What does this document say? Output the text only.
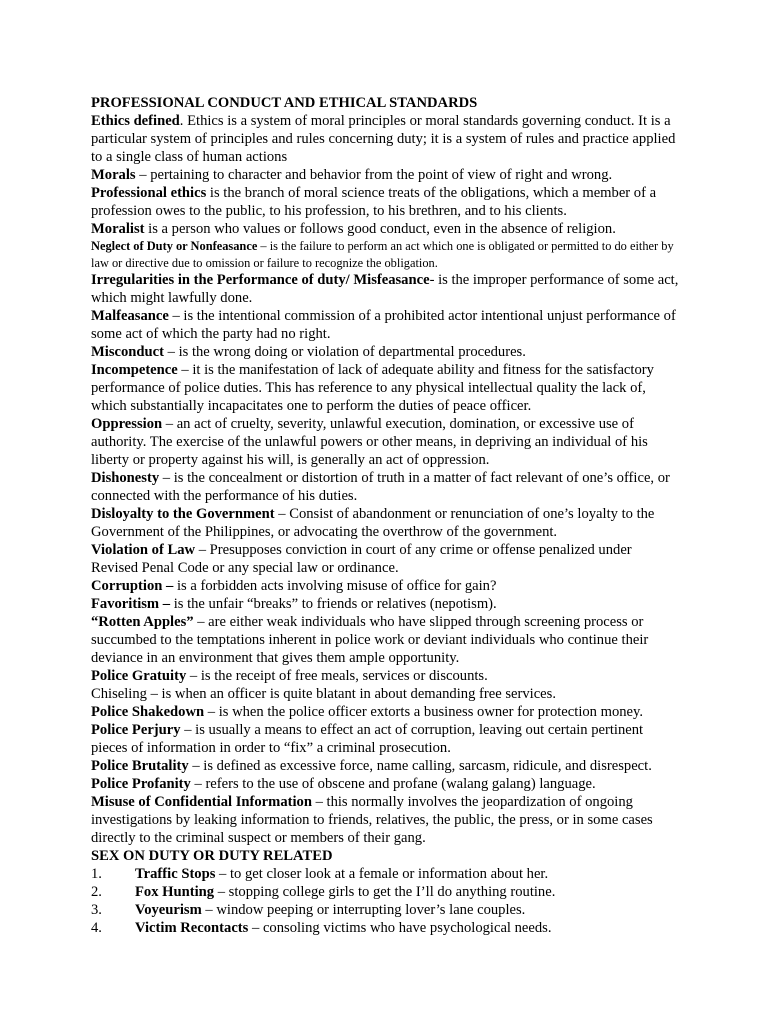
PROFESSIONAL CONDUCT AND ETHICAL STANDARDS

Ethics defined. Ethics is a system of moral principles or moral standards governing conduct. It is a particular system of principles and rules concerning duty; it is a system of rules and practice applied to a single class of human actions

Morals – pertaining to character and behavior from the point of view of right and wrong.

Professional ethics is the branch of moral science treats of the obligations, which a member of a profession owes to the public, to his profession, to his brethren, and to his clients.

Moralist is a person who values or follows good conduct, even in the absence of religion.

Neglect of Duty or Nonfeasance – is the failure to perform an act which one is obligated or permitted to do either by law or directive due to omission or failure to recognize the obligation.

Irregularities in the Performance of duty/ Misfeasance- is the improper performance of some act, which might lawfully done.

Malfeasance – is the intentional commission of a prohibited actor intentional unjust performance of some act of which the party had no right.

Misconduct – is the wrong doing or violation of departmental procedures.

Incompetence – it is the manifestation of lack of adequate ability and fitness for the satisfactory performance of police duties. This has reference to any physical intellectual quality the lack of, which substantially incapacitates one to perform the duties of peace officer.

Oppression – an act of cruelty, severity, unlawful execution, domination, or excessive use of authority. The exercise of the unlawful powers or other means, in depriving an individual of his liberty or property against his will, is generally an act of oppression.

Dishonesty – is the concealment or distortion of truth in a matter of fact relevant of one’s office, or connected with the performance of his duties.

Disloyalty to the Government – Consist of abandonment or renunciation of one’s loyalty to the Government of the Philippines, or advocating the overthrow of the government.

Violation of Law – Presupposes conviction in court of any crime or offense penalized under Revised Penal Code or any special law or ordinance.

Corruption – is a forbidden acts involving misuse of office for gain?

Favoritism – is the unfair “breaks” to friends or relatives (nepotism).

“Rotten Apples” – are either weak individuals who have slipped through screening process or succumbed to the temptations inherent in police work or deviant individuals who continue their deviance in an environment that gives them ample opportunity.

Police Gratuity – is the receipt of free meals, services or discounts.

Chiseling – is when an officer is quite blatant in about demanding free services.

Police Shakedown – is when the police officer extorts a business owner for protection money.

Police Perjury – is usually a means to effect an act of corruption, leaving out certain pertinent pieces of information in order to “fix” a criminal prosecution.

Police Brutality – is defined as excessive force, name calling, sarcasm, ridicule, and disrespect.

Police Profanity – refers to the use of obscene and profane (walang galang) language.

Misuse of Confidential Information – this normally involves the jeopardization of ongoing investigations by leaking information to friends, relatives, the public, the press, or in some cases directly to the criminal suspect or members of their gang.

SEX ON DUTY OR DUTY RELATED

1. Traffic Stops – to get closer look at a female or information about her.
2. Fox Hunting – stopping college girls to get the I’ll do anything routine.
3. Voyeurism – window peeping or interrupting lover’s lane couples.
4. Victim Recontacts – consoling victims who have psychological needs.
